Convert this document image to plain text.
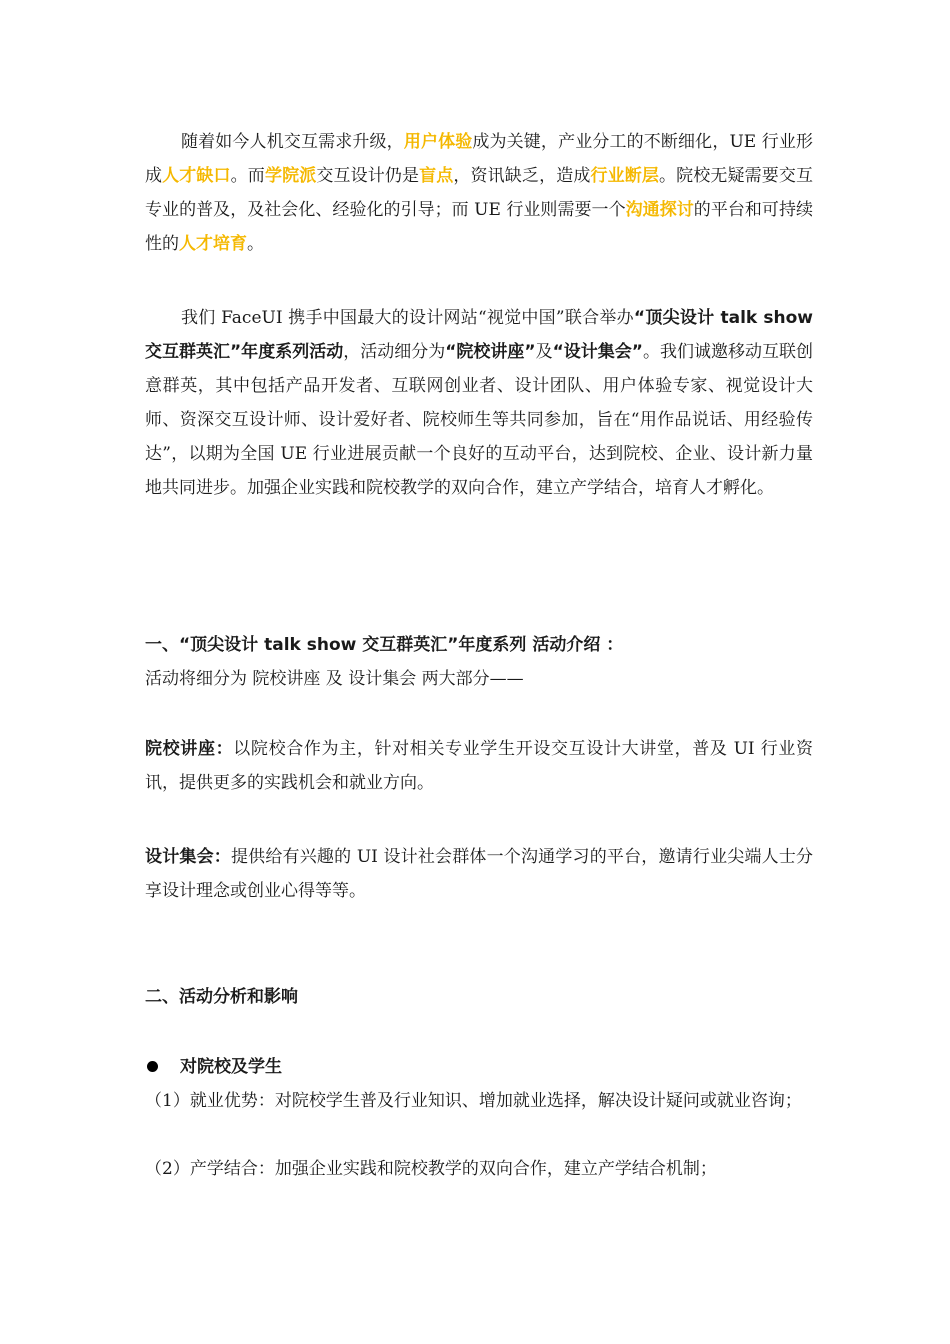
随着如今人机交互需求升级，用户体验成为关键，产业分工的不断细化，UE 行业形成人才缺口。而学院派交互设计仍是盲点，资讯缺乏，造成行业断层。院校无疑需要交互专业的普及，及社会化、经验化的引导；而 UE 行业则需要一个沟通探讨的平台和可持续性的人才培育。

我们 FaceUI 携手中国最大的设计网站“视觉中国”联合举办“顶尖设计 talk show 交互群英汇”年度系列活动，活动细分为“院校讲座”及“设计集会”。我们诚邀移动互联创意群英，其中包括产品开发者、互联网创业者、设计团队、用户体验专家、视觉设计大师、资深交互设计师、设计爱好者、院校师生等共同参加，旨在“用作品说话、用经验传达”，以期为全国 UE 行业进展贡献一个良好的互动平台，达到院校、企业、设计新力量地共同进步。加强企业实践和院校教学的双向合作，建立产学结合，培育人才孵化。

一、“顶尖设计 talk show 交互群英汇”年度系列 活动介绍 ：

活动将细分为 院校讲座 及 设计集会 两大部分——

院校讲座：以院校合作为主，针对相关专业学生开设交互设计大讲堂，普及 UI 行业资讯，提供更多的实践机会和就业方向。

设计集会：提供给有兴趣的 UI 设计社会群体一个沟通学习的平台，邀请行业尖端人士分享设计理念或创业心得等等。

二、活动分析和影响

对院校及学生

（1）就业优势：对院校学生普及行业知识、增加就业选择，解决设计疑问或就业咨询；

（2）产学结合：加强企业实践和院校教学的双向合作，建立产学结合机制；
